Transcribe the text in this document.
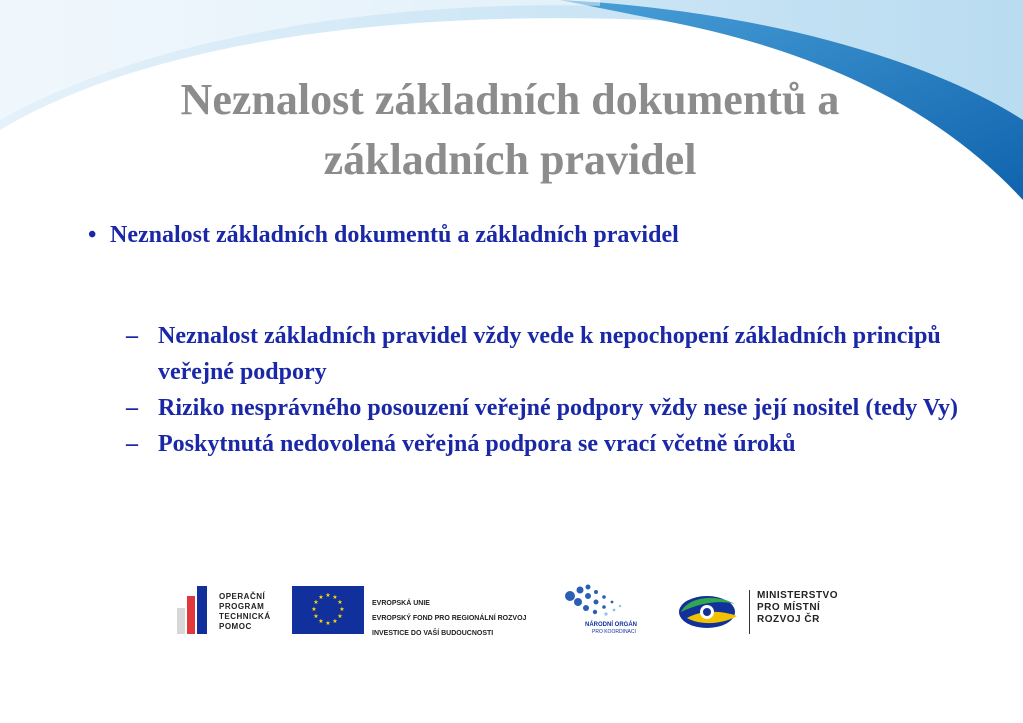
Neznalost základních dokumentů a základních pravidel
• Neznalost základních dokumentů a základních pravidel
– Neznalost základních pravidel vždy vede k nepochopení základních principů veřejné podpory
– Riziko nesprávného posouzení veřejné podpory vždy nese její nositel (tedy Vy)
– Poskytnutá nedovolená veřejná podpora se vrací včetně úroků
OPERAČNÍ
PROGRAM
TECHNICKÁ
POMOC
★ ★
★
★
★
★
★
★
★
★
★
★
EVROPSKÁ UNIE
EVROPSKÝ FOND PRO REGIONÁLNÍ ROZVOJ
INVESTICE DO VAŠÍ BUDOUCNOSTI
NÁRODNÍ ORGÁN
PRO KOORDINACI
MINISTERSTVO
PRO MÍSTNÍ
ROZVOJ ČR
